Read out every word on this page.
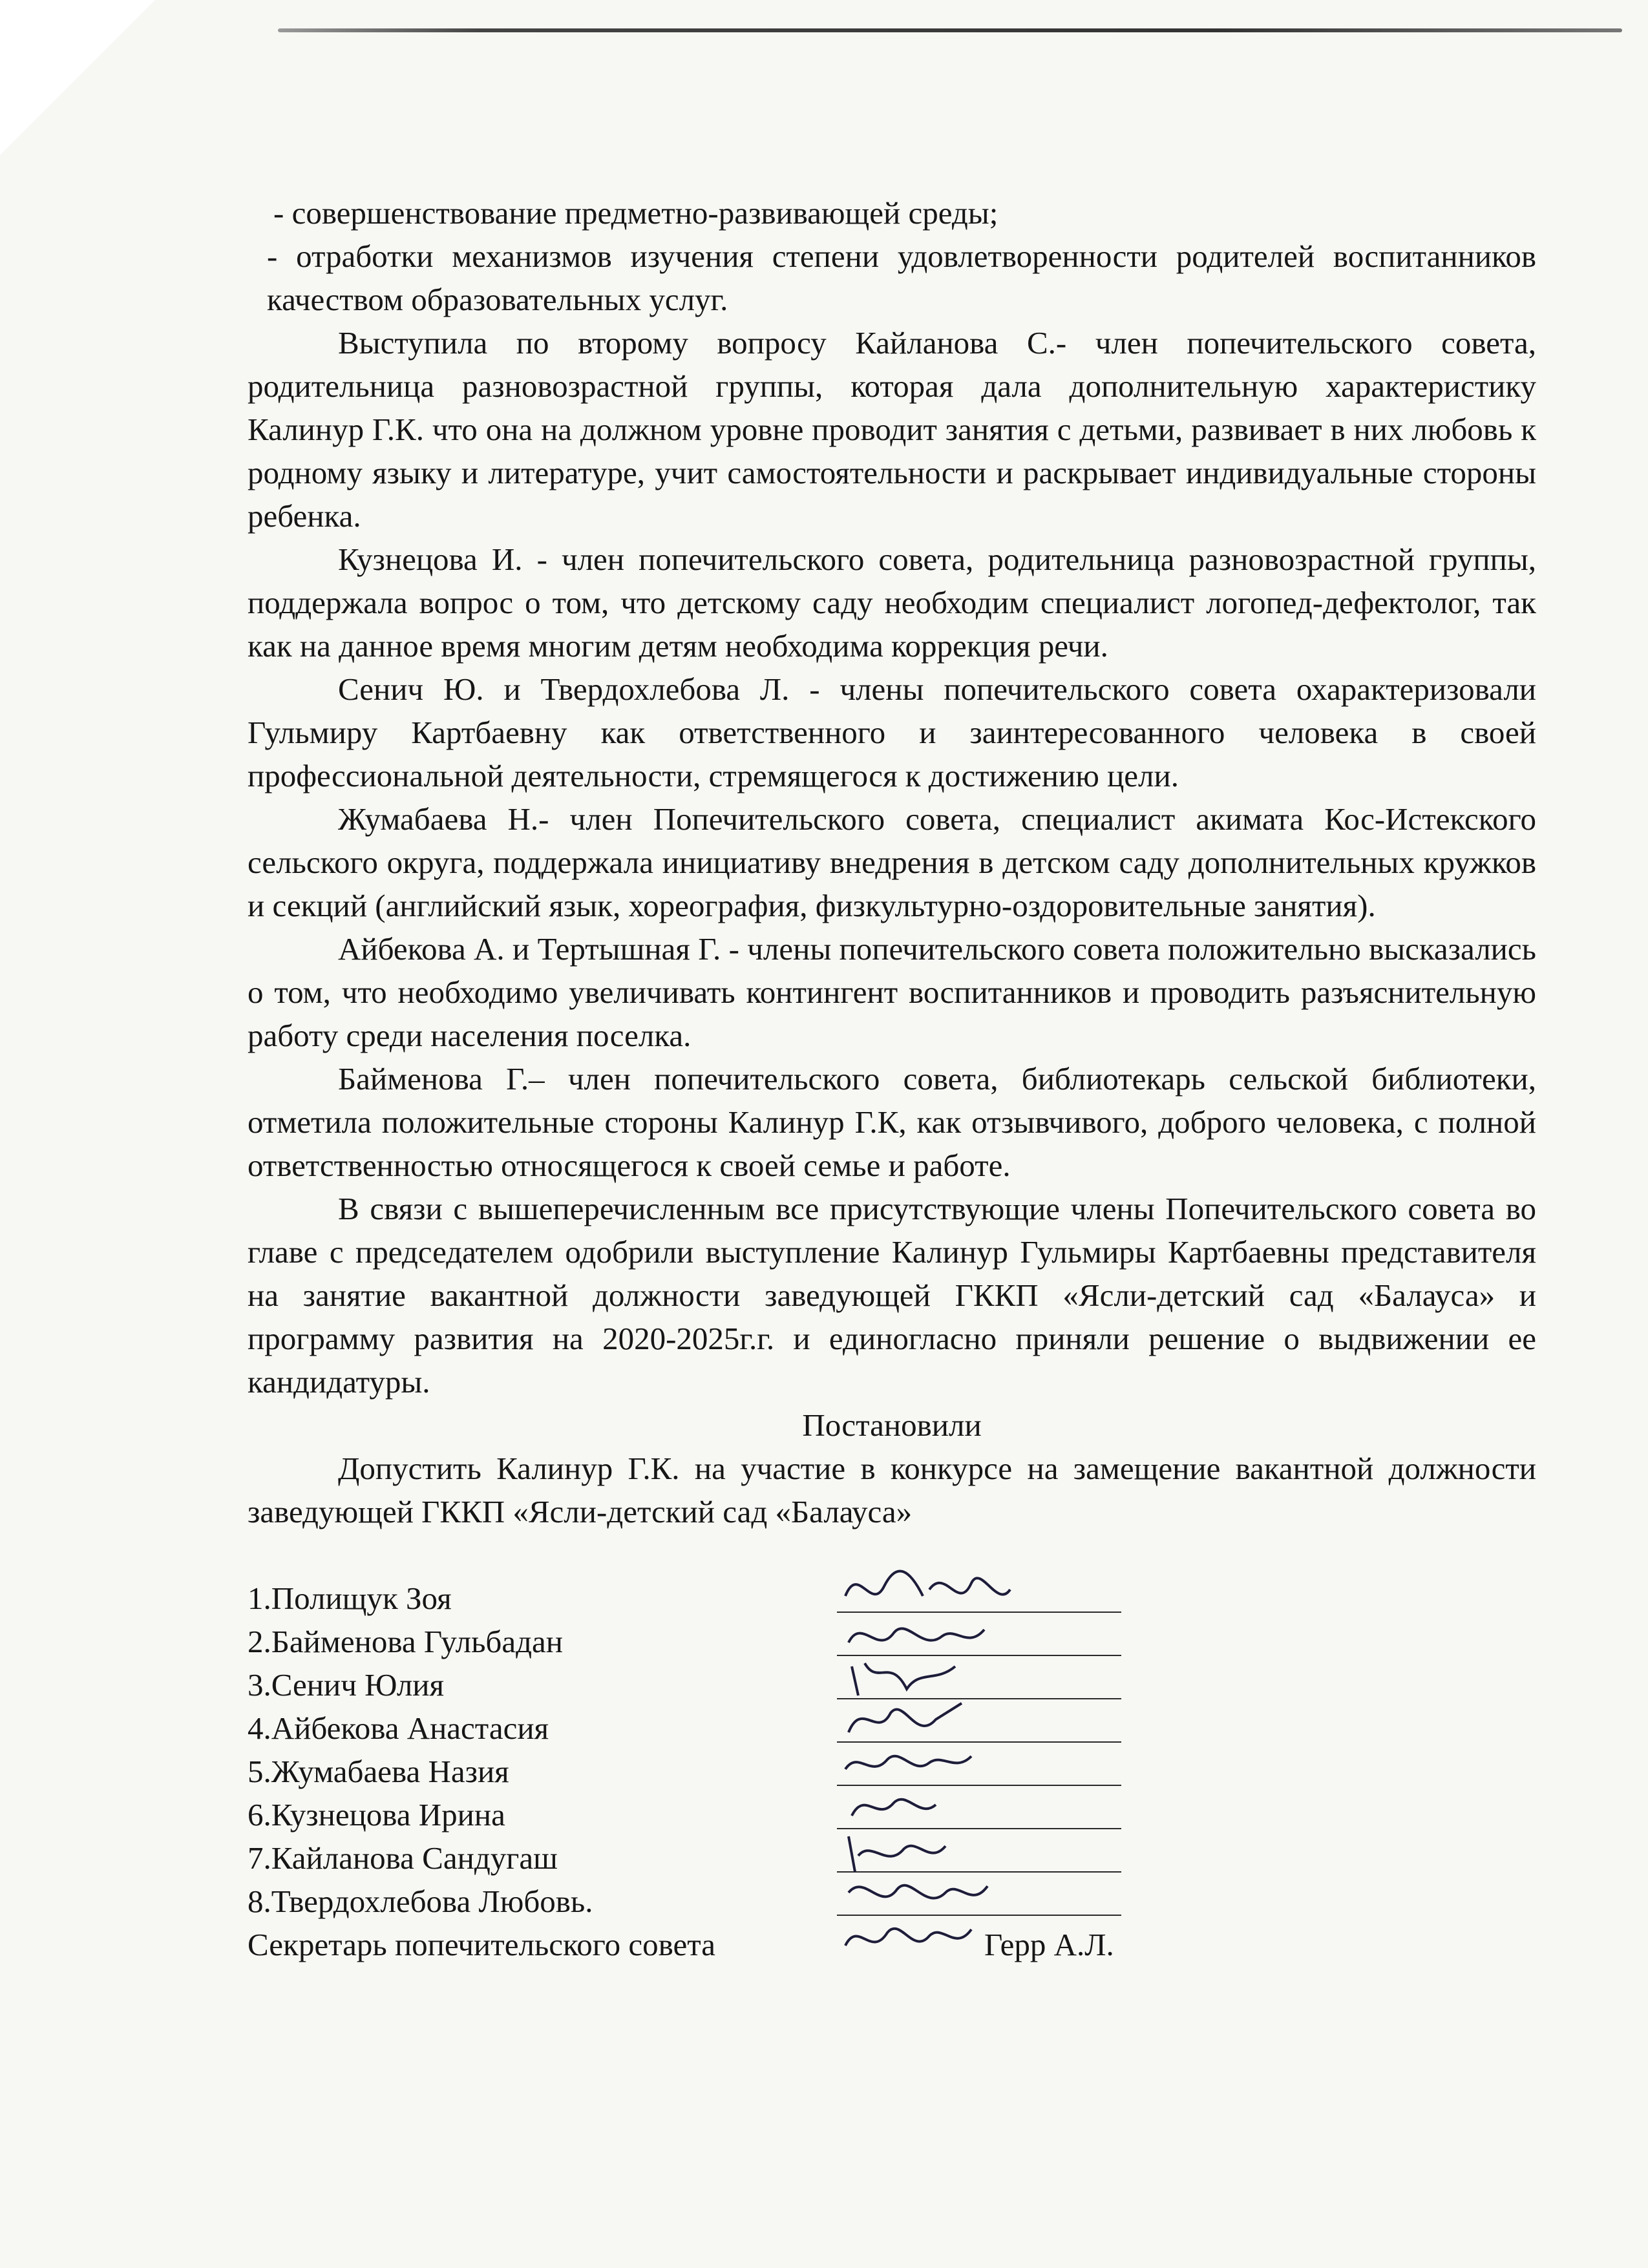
- совершенствование предметно-развивающей среды;

- отработки механизмов изучения степени удовлетворенности родителей воспитанников качеством образовательных услуг.

Выступила по второму вопросу Кайланова С.- член попечительского совета, родительница разновозрастной группы, которая дала дополнительную характеристику Калинур Г.К. что она на должном уровне проводит занятия с детьми, развивает в них любовь к родному языку и литературе, учит самостоятельности и раскрывает индивидуальные стороны ребенка.

Кузнецова И. - член попечительского совета, родительница разновозрастной группы, поддержала вопрос о том, что детскому саду необходим специалист логопед-дефектолог, так как на данное время многим детям необходима коррекция речи.

Сенич Ю. и Твердохлебова Л. - члены попечительского совета охарактеризовали Гульмиру Картбаевну как ответственного и заинтересованного человека в своей профессиональной деятельности, стремящегося к достижению цели.

Жумабаева Н.- член Попечительского совета, специалист акимата Кос-Истекского сельского округа, поддержала инициативу внедрения в детском саду дополнительных кружков и секций (английский язык, хореография, физкультурно-оздоровительные занятия).

Айбекова А. и Тертышная Г. - члены попечительского совета положительно высказались о том, что необходимо увеличивать контингент воспитанников и проводить разъяснительную работу среди населения поселка.

Байменова Г.– член попечительского совета, библиотекарь сельской библиотеки, отметила положительные стороны Калинур Г.К, как отзывчивого, доброго человека, с полной ответственностью относящегося к своей семье и работе.

В связи с вышеперечисленным все присутствующие члены Попечительского совета во главе с председателем одобрили выступление Калинур Гульмиры Картбаевны представителя на занятие вакантной должности заведующей ГККП «Ясли-детский сад «Балауса» и программу развития на 2020-2025г.г. и единогласно приняли решение о выдвижении ее кандидатуры.

Постановили

Допустить Калинур Г.К. на участие в конкурсе на замещение вакантной должности заведующей ГККП «Ясли-детский сад «Балауса»

1.Полищук Зоя
2.Байменова Гульбадан
3.Сенич Юлия
4.Айбекова Анастасия
5.Жумабаева Назия
6.Кузнецова Ирина
7.Кайланова Сандугаш
8.Твердохлебова Любовь.
Секретарь попечительского совета	Герр А.Л.
